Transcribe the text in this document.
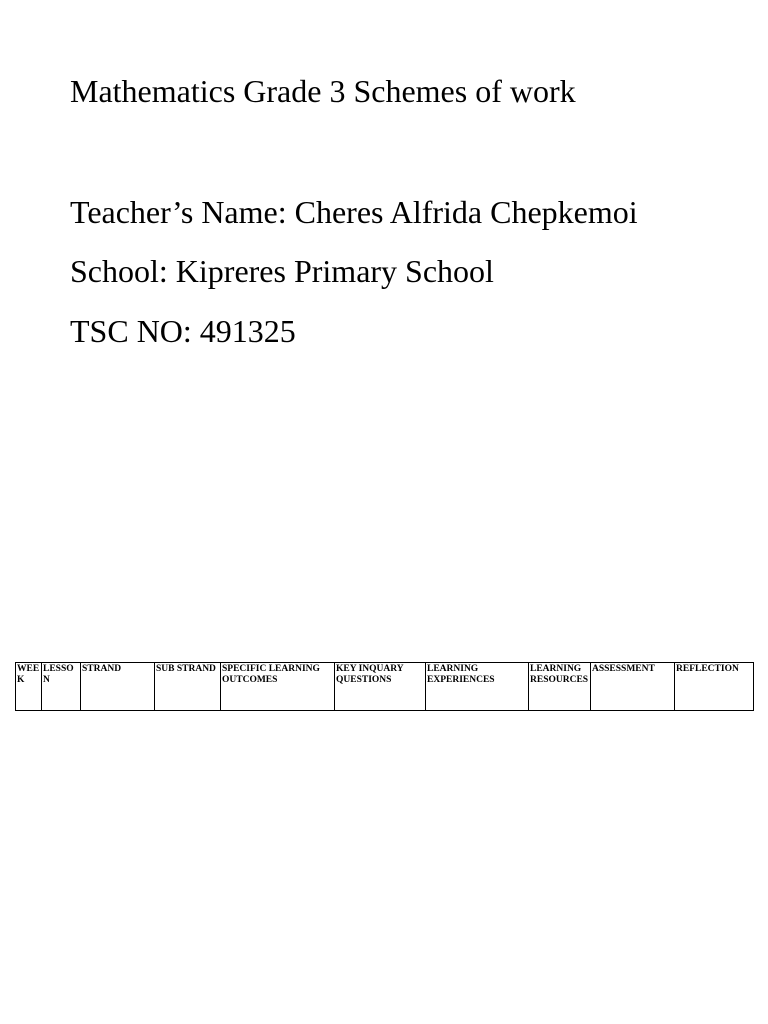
Mathematics Grade 3 Schemes of work

Teacher’s Name: Cheres Alfrida Chepkemoi

School: Kipreres Primary School

TSC NO: 491325

WEEK	LESSON	STRAND	SUB STRAND	SPECIFIC LEARNING OUTCOMES	KEY INQUARY QUESTIONS	LEARNING EXPERIENCES	LEARNING RESOURCES	ASSESSMENT	REFLECTION
